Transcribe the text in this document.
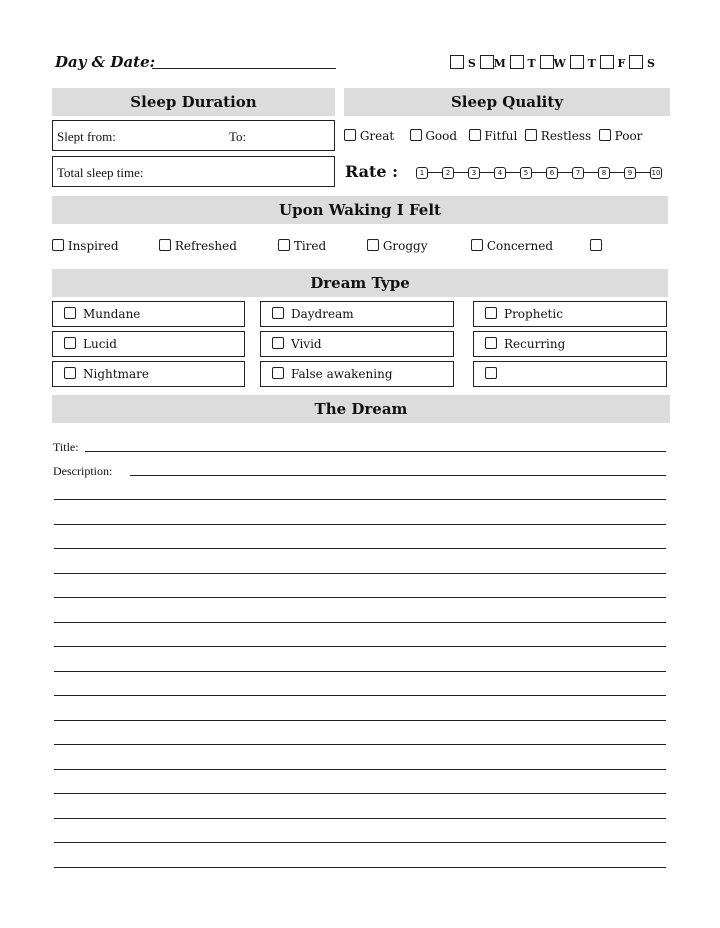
Day & Date:	S M T W T F S
Sleep Duration
Slept from:	To:
Total sleep time:
Sleep Quality
Great	Good Fitful Restless Poor
Rate :	1	2	3	4	5	6	7	8	9	10
Upon Waking I Felt
Inspired	Refreshed	Tired	Groggy	Concerned
Dream Type
Mundane	Daydream	Prophetic
Lucid	Vivid	Recurring
Nightmare	False awakening
The Dream
Title:
Description:
